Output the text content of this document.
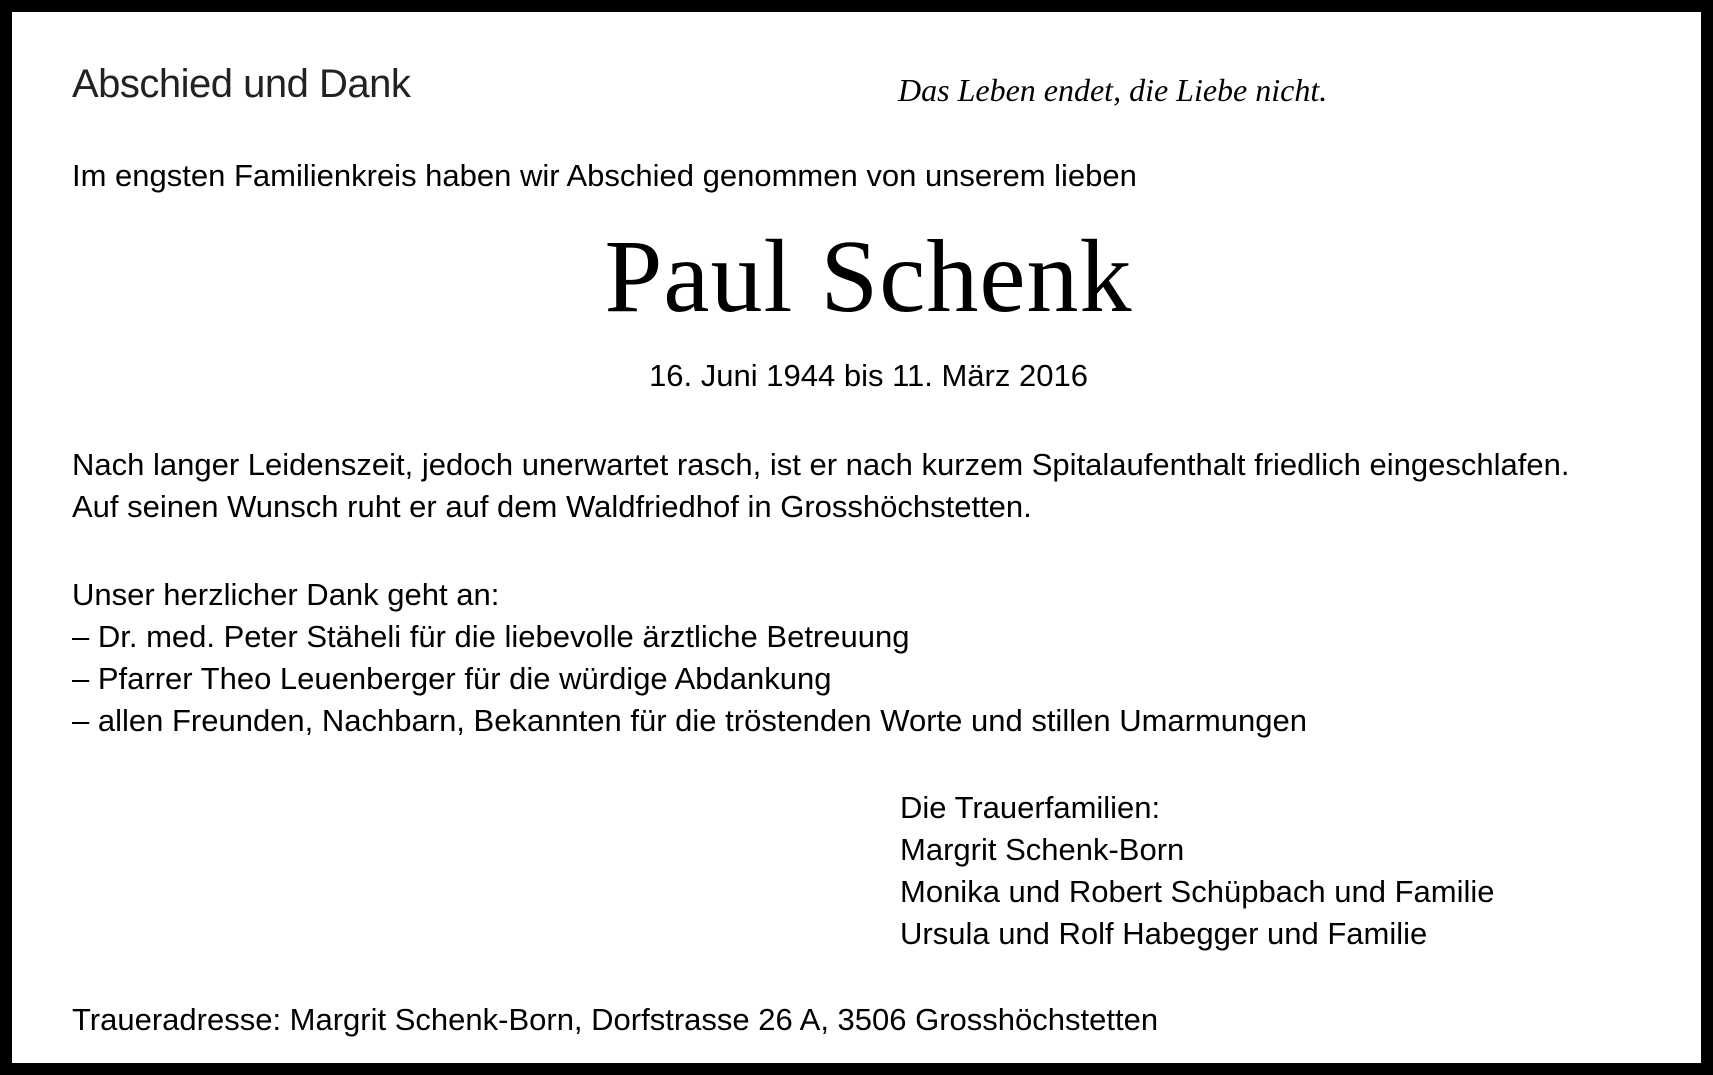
Abschied und Dank	Das Leben endet, die Liebe nicht.
Im engsten Familienkreis haben wir Abschied genommen von unserem lieben
Paul Schenk
16. Juni 1944 bis 11. März 2016
Nach langer Leidenszeit, jedoch unerwartet rasch, ist er nach kurzem Spitalaufenthalt friedlich eingeschlafen.
Auf seinen Wunsch ruht er auf dem Waldfriedhof in Grosshöchstetten.
Unser herzlicher Dank geht an:
– Dr. med. Peter Stäheli für die liebevolle ärztliche Betreuung
– Pfarrer Theo Leuenberger für die würdige Abdankung
– allen Freunden, Nachbarn, Bekannten für die tröstenden Worte und stillen Umarmungen
Die Trauerfamilien:
Margrit Schenk-Born
Monika und Robert Schüpbach und Familie
Ursula und Rolf Habegger und Familie
Traueradresse: Margrit Schenk-Born, Dorfstrasse 26 A, 3506 Grosshöchstetten
